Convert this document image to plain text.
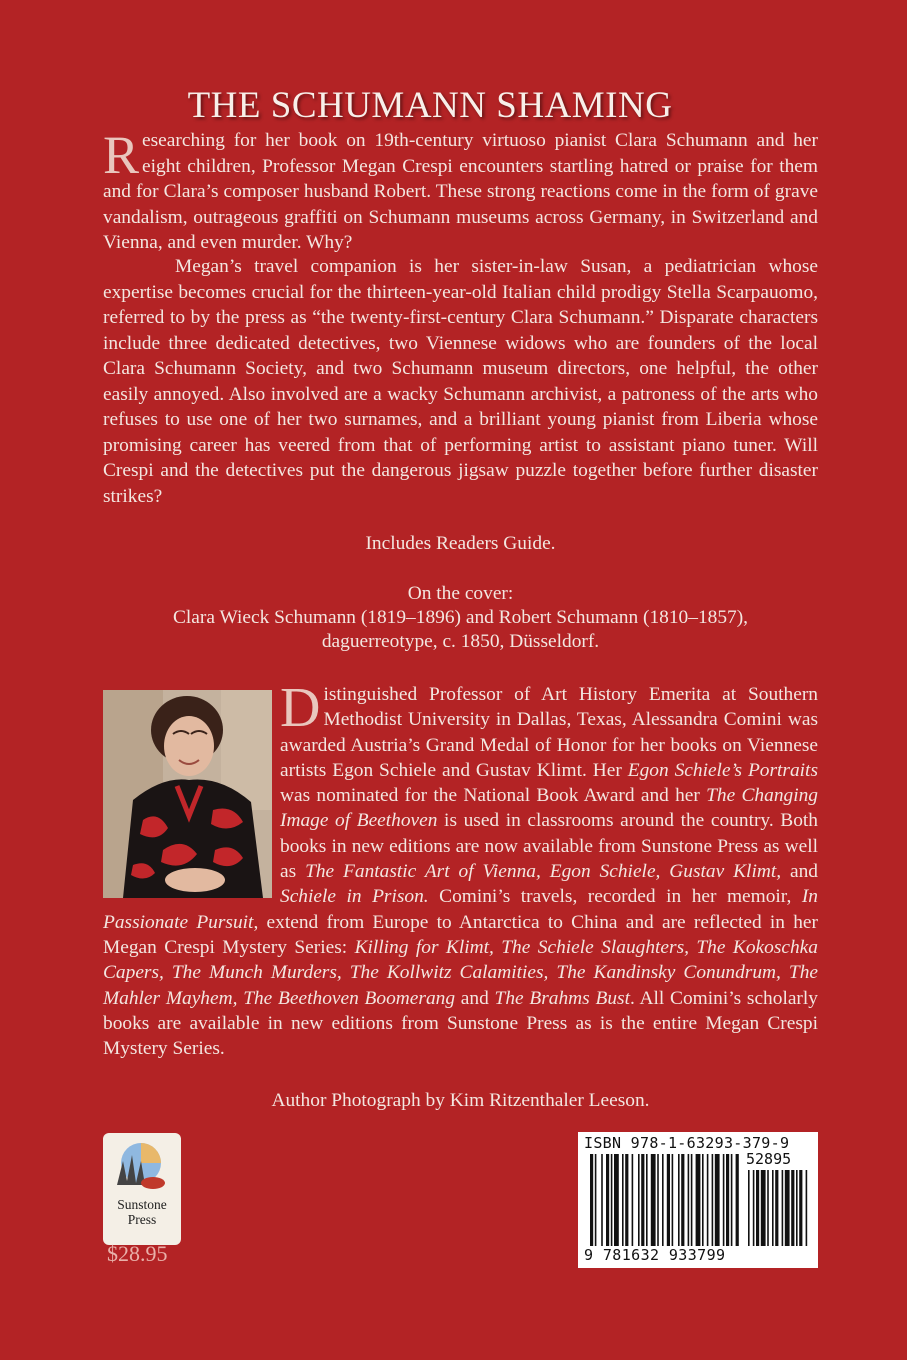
THE SCHUMANN SHAMING

Researching for her book on 19th-century virtuoso pianist Clara Schumann and her eight children, Professor Megan Crespi encounters startling hatred or praise for them and for Clara’s composer husband Robert. These strong reactions come in the form of grave vandalism, outrageous graffiti on Schumann museums across Germany, in Switzerland and Vienna, and even murder. Why?

Megan’s travel companion is her sister-in-law Susan, a pediatrician whose expertise becomes crucial for the thirteen-year-old Italian child prodigy Stella Scarpauomo, referred to by the press as “the twenty-first-century Clara Schumann.” Disparate characters include three dedicated detectives, two Viennese widows who are founders of the local Clara Schumann Society, and two Schumann museum directors, one helpful, the other easily annoyed. Also involved are a wacky Schumann archivist, a patroness of the arts who refuses to use one of her two surnames, and a brilliant young pianist from Liberia whose promising career has veered from that of performing artist to assistant piano tuner. Will Crespi and the detectives put the dangerous jigsaw puzzle together before further disaster strikes?

Includes Readers Guide.
On the cover:
Clara Wieck Schumann (1819–1896) and Robert Schumann (1810–1857),
daguerreotype, c. 1850, Düsseldorf.

Distinguished Professor of Art History Emerita at Southern Methodist University in Dallas, Texas, Alessandra Comini was awarded Austria’s Grand Medal of Honor for her books on Viennese artists Egon Schiele and Gustav Klimt. Her Egon Schiele’s Portraits was nominated for the National Book Award and her The Changing Image of Beethoven is used in classrooms around the country. Both books in new editions are now available from Sunstone Press as well as The Fantastic Art of Vienna, Egon Schiele, Gustav Klimt, and Schiele in Prison. Comini’s travels, recorded in her memoir, In Passionate Pursuit, extend from Europe to Antarctica to China and are reflected in her Megan Crespi Mystery Series: Killing for Klimt, The Schiele Slaughters, The Kokoschka Capers, The Munch Murders, The Kollwitz Calamities, The Kandinsky Conundrum, The Mahler Mayhem, The Beethoven Boomerang and The Brahms Bust. All Comini’s scholarly books are available in new editions from Sunstone Press as is the entire Megan Crespi Mystery Series.

Author Photograph by Kim Ritzenthaler Leeson.
Sunstone
Press
$28.95
ISBN 978-1-63293-379-9
52895
9 781632 933799
